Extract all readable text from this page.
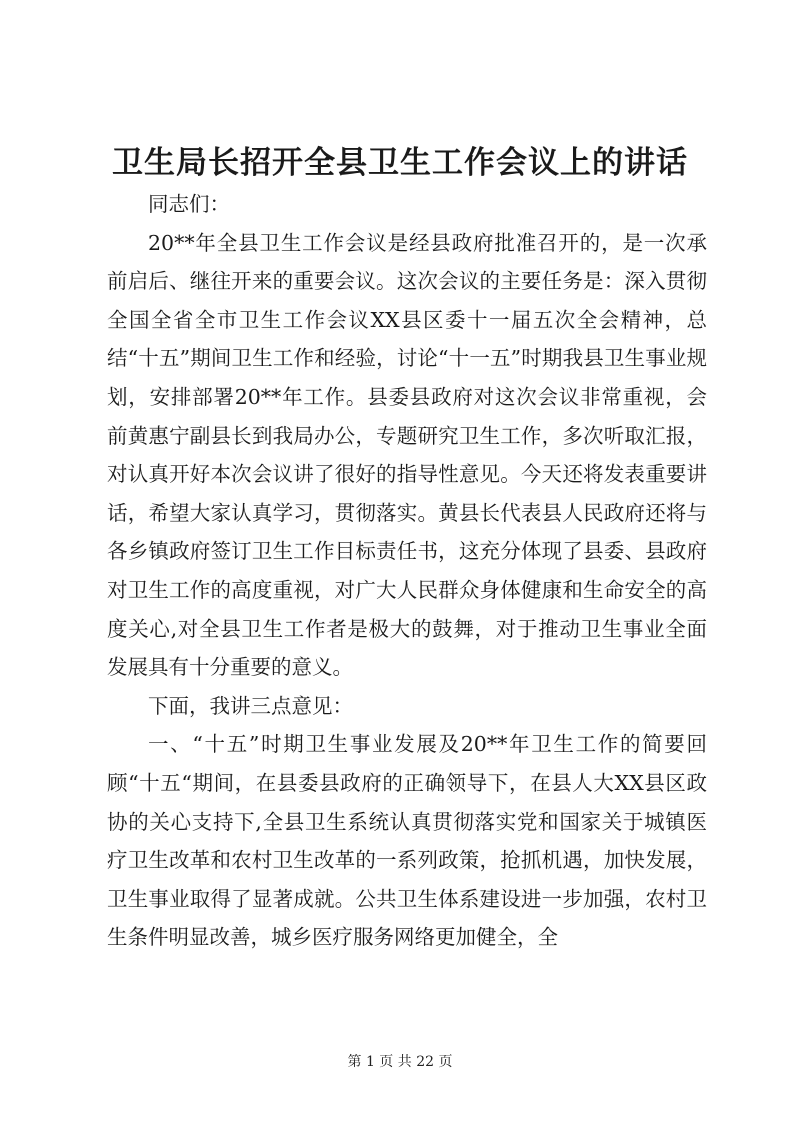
卫生局长招开全县卫生工作会议上的讲话

同志们：

20**年全县卫生工作会议是经县政府批准召开的，是一次承前启后、继往开来的重要会议。这次会议的主要任务是：深入贯彻全国全省全市卫生工作会议XX县区委十一届五次全会精神，总结“十五”期间卫生工作和经验，讨论“十一五”时期我县卫生事业规划，安排部署20**年工作。县委县政府对这次会议非常重视，会前黄惠宁副县长到我局办公，专题研究卫生工作，多次听取汇报，对认真开好本次会议讲了很好的指导性意见。今天还将发表重要讲话，希望大家认真学习，贯彻落实。黄县长代表县人民政府还将与各乡镇政府签订卫生工作目标责任书，这充分体现了县委、县政府对卫生工作的高度重视，对广大人民群众身体健康和生命安全的高度关心,对全县卫生工作者是极大的鼓舞，对于推动卫生事业全面发展具有十分重要的意义。

下面，我讲三点意见：

一、“十五”时期卫生事业发展及20**年卫生工作的简要回顾“十五“期间，在县委县政府的正确领导下，在县人大XX县区政协的关心支持下,全县卫生系统认真贯彻落实党和国家关于城镇医疗卫生改革和农村卫生改革的一系列政策，抢抓机遇，加快发展，卫生事业取得了显著成就。公共卫生体系建设进一步加强，农村卫生条件明显改善，城乡医疗服务网络更加健全，全

第 1 页 共 22 页
